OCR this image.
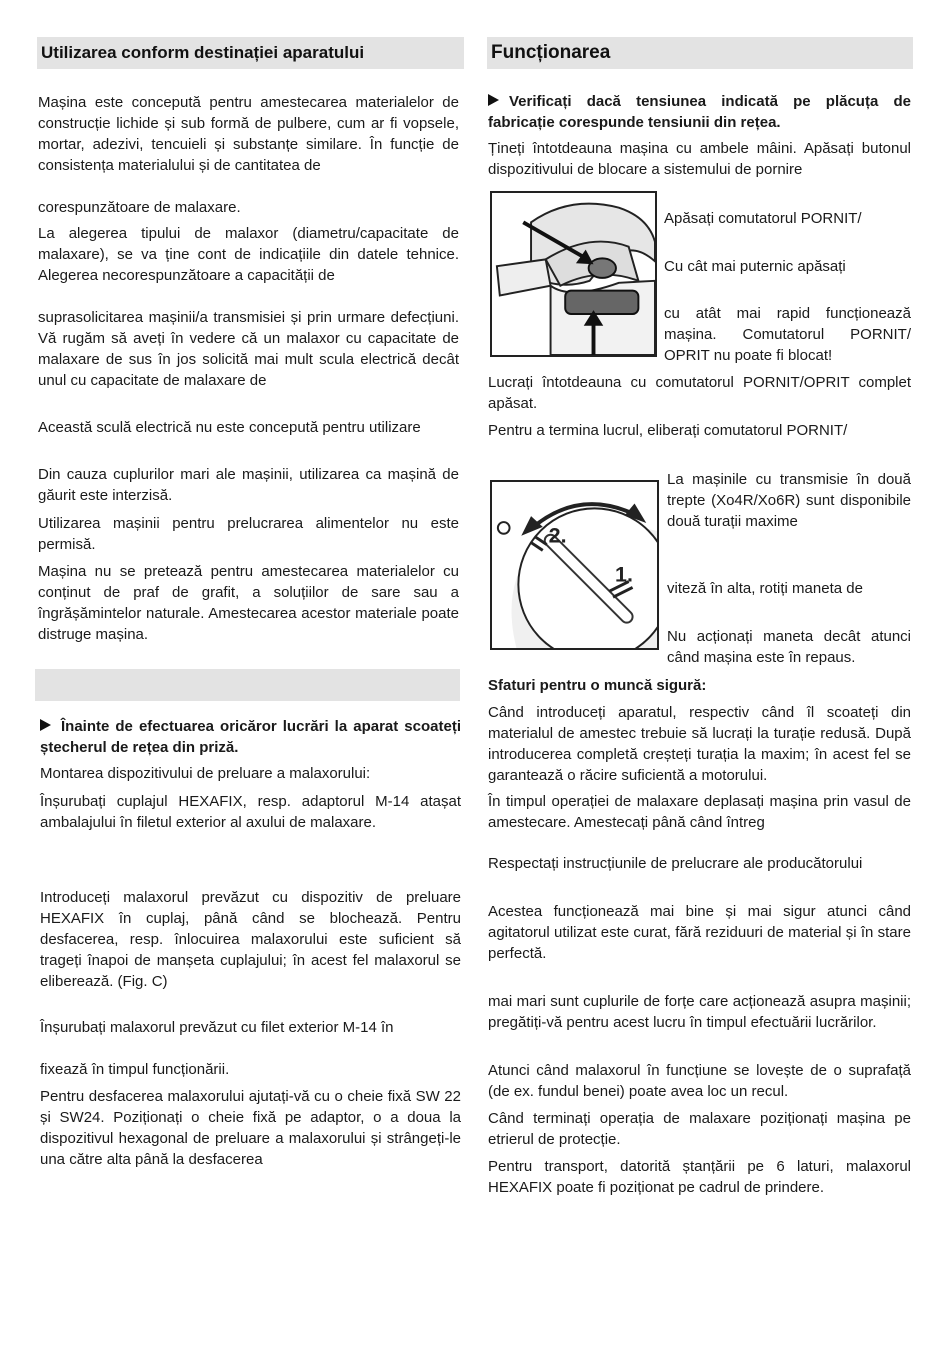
Utilizarea conform destinației aparatului

Mașina este concepută pentru amestecarea materialelor de construcție lichide și sub formă de pulbere, cum ar fi vopsele, mortar, adezivi, tencuieli și substanțe similare. În funcție de consistența materialului și de cantitatea de

corespunzătoare de malaxare.

La alegerea tipului de malaxor (diametru/capacitate de malaxare), se va ține cont de indicațiile din datele tehnice. Alegerea necorespunzătoare a capacității de

suprasolicitarea mașinii/a transmisiei și prin urmare defecțiuni. Vă rugăm să aveți în vedere că un malaxor cu capacitate de malaxare de sus în jos solicită mai mult scula electrică decât unul cu capacitate de malaxare de

Această sculă electrică nu este concepută pentru utilizare

Din cauza cuplurilor mari ale mașinii, utilizarea ca mașină de găurit este interzisă.

Utilizarea mașinii pentru prelucrarea alimentelor nu este permisă.

Mașina nu se pretează pentru amestecarea materialelor cu conținut de praf de grafit, a soluțiilor de sare sau a îngrășămintelor naturale. Amestecarea acestor materiale poate distruge mașina.

Înainte de efectuarea oricăror lucrări la aparat scoateți ștecherul de rețea din priză.

Montarea dispozitivului de preluare a malaxorului:

Înșurubați cuplajul HEXAFIX, resp. adaptorul M-14 atașat ambalajului în filetul exterior al axului de malaxare.

Introduceți malaxorul prevăzut cu dispozitiv de preluare HEXAFIX în cuplaj, până când se blochează. Pentru desfacerea, resp. înlocuirea malaxorului este suficient să trageți înapoi de manșeta cuplajului; în acest fel malaxorul se eliberează. (Fig. C)

Înșurubați malaxorul prevăzut cu filet exterior M-14 în

fixează în timpul funcționării.

Pentru desfacerea malaxorului ajutați-vă cu o cheie fixă SW 22 și SW24. Poziționați o cheie fixă pe adaptor, o a doua la dispozitivul hexagonal de preluare a malaxorului și strângeți-le una către alta până la desfacerea

Funcționarea

Verificați dacă tensiunea indicată pe plăcuța de fabricație corespunde tensiunii din rețea.

Țineți întotdeauna mașina cu ambele mâini. Apăsați butonul dispozitivului de blocare a sistemului de pornire

Apăsați comutatorul PORNIT/

Cu cât mai puternic apăsați

cu atât mai rapid funcționează mașina. Comutatorul PORNIT/ OPRIT nu poate fi blocat!

Lucrați întotdeauna cu comutatorul PORNIT/OPRIT complet apăsat.

Pentru a termina lucrul, eliberați comutatorul PORNIT/

2.
1.

La mașinile cu transmisie în două trepte (Xo4R/Xo6R) sunt disponibile două turații maxime

viteză în alta, rotiți maneta de

Nu acționați maneta decât atunci când mașina este în repaus.

Sfaturi pentru o muncă sigură:

Când introduceți aparatul, respectiv când îl scoateți din materialul de amestec trebuie să lucrați la turație redusă. După introducerea completă creșteți turația la maxim; în acest fel se garantează o răcire suficientă a motorului.

În timpul operației de malaxare deplasați mașina prin vasul de amestecare. Amestecați până când întreg

Respectați instrucțiunile de prelucrare ale producătorului

Acestea funcționează mai bine și mai sigur atunci când agitatorul utilizat este curat, fără reziduuri de material și în stare perfectă.

mai mari sunt cuplurile de forțe care acționează asupra mașinii; pregătiți-vă pentru acest lucru în timpul efectuării lucrărilor.

Atunci când malaxorul în funcțiune se lovește de o suprafață (de ex. fundul benei) poate avea loc un recul.

Când terminați operația de malaxare poziționați mașina pe etrierul de protecție.

Pentru transport, datorită ștanțării pe 6 laturi, malaxorul HEXAFIX poate fi poziționat pe cadrul de prindere.
